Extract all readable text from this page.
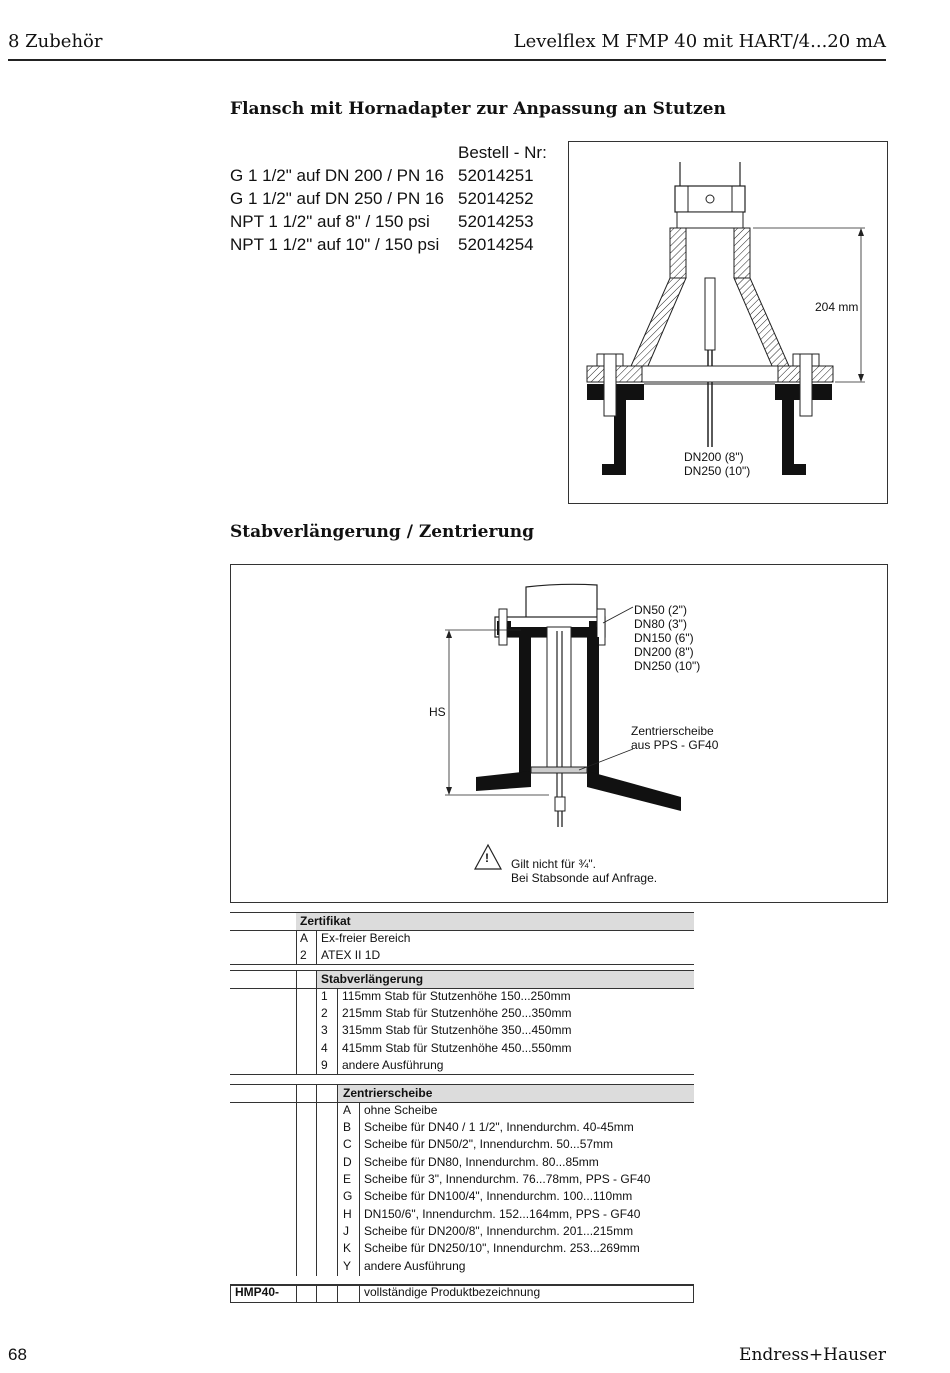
8 Zubehör	Levelflex M FMP 40 mit HART/4...20 mA
Flansch mit Hornadapter zur Anpassung an Stutzen
Bestell - Nr:
G 1 1/2" auf DN 200 / PN 16 52014251
G 1 1/2" auf DN 250 / PN 16 52014252
NPT 1 1/2" auf 8" / 150 psi	52014253
NPT 1 1/2" auf 10" / 150 psi	52014254
204 mm
DN200 (8")
DN250 (10")
Stabverlängerung / Zentrierung
DN50 (2")
DN80 (3")
DN150 (6")
DN200 (8")
DN250 (10")
HS
Zentrierscheibe
aus PPS - GF40
! Gilt nicht für ¾".
Bei Stabsonde auf Anfrage.
Zertifikat
A Ex-freier Bereich
2 ATEX II 1D
Stabverlängerung
1 115mm Stab für Stutzenhöhe 150...250mm
2 215mm Stab für Stutzenhöhe 250...350mm
3 315mm Stab für Stutzenhöhe 350...450mm
4 415mm Stab für Stutzenhöhe 450...550mm
9 andere Ausführung
Zentrierscheibe
A ohne Scheibe
B Scheibe für DN40 / 1 1/2", Innendurchm. 40-45mm
C Scheibe für DN50/2", Innendurchm. 50...57mm
D Scheibe für DN80, Innendurchm. 80...85mm
E Scheibe für 3", Innendurchm. 76...78mm, PPS - GF40
G Scheibe für DN100/4", Innendurchm. 100...110mm
H DN150/6", Innendurchm. 152...164mm, PPS - GF40
J Scheibe für DN200/8", Innendurchm. 201...215mm
K Scheibe für DN250/10", Innendurchm. 253...269mm
Y andere Ausführung
HMP40-	vollständige Produktbezeichnung
68	Endress+Hauser
